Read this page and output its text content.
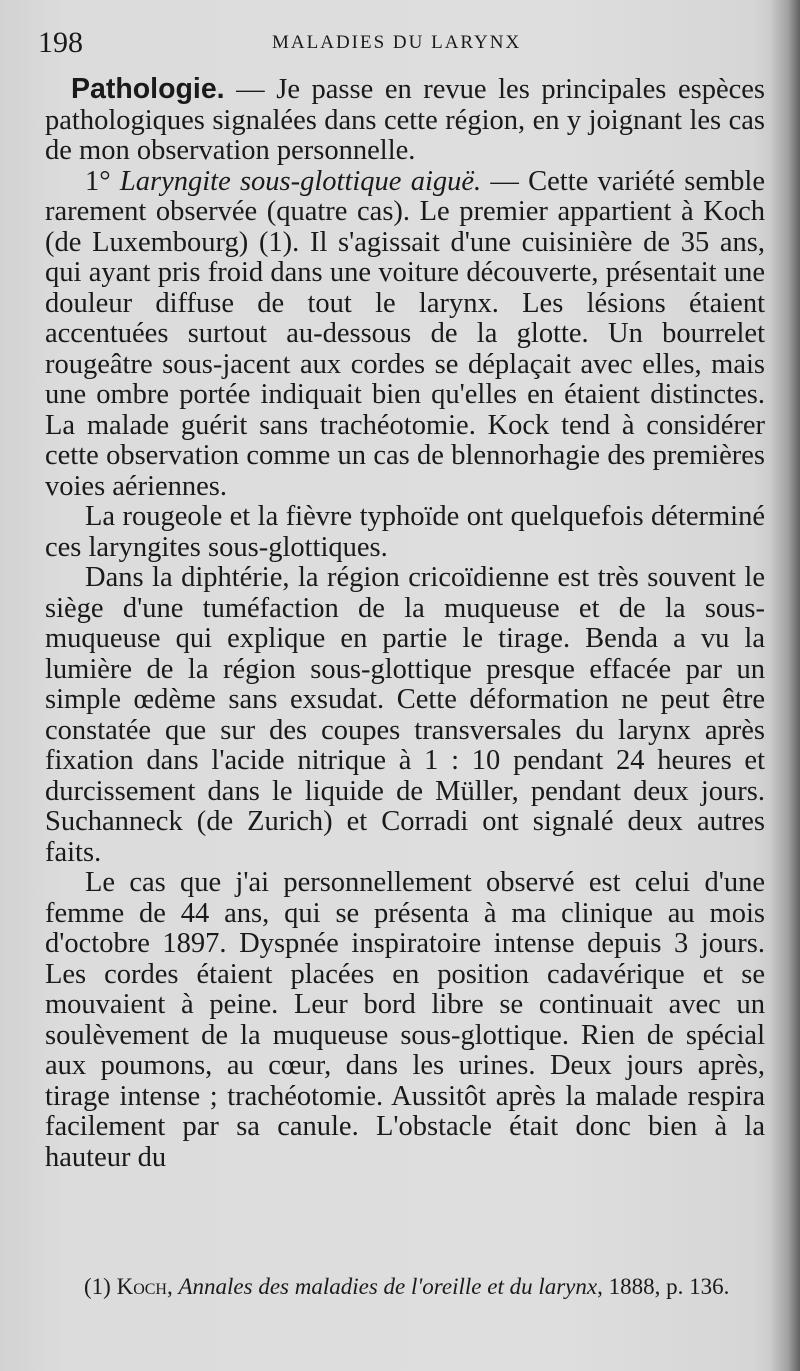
198	MALADIES DU LARYNX

Pathologie. — Je passe en revue les principales espèces pathologiques signalées dans cette région, en y joignant les cas de mon observation personnelle.

1° Laryngite sous-glottique aiguë. — Cette variété semble rarement observée (quatre cas). Le premier appartient à Koch (de Luxembourg) (1). Il s'agissait d'une cuisinière de 35 ans, qui ayant pris froid dans une voiture découverte, présentait une douleur diffuse de tout le larynx. Les lésions étaient accentuées surtout au-dessous de la glotte. Un bourrelet rougeâtre sous-jacent aux cordes se déplaçait avec elles, mais une ombre portée indiquait bien qu'elles en étaient distinctes. La malade guérit sans trachéotomie. Kock tend à considérer cette observation comme un cas de blennorhagie des premières voies aériennes.

La rougeole et la fièvre typhoïde ont quelquefois déterminé ces laryngites sous-glottiques.

Dans la diphtérie, la région cricoïdienne est très souvent le siège d'une tuméfaction de la muqueuse et de la sous-muqueuse qui explique en partie le tirage. Benda a vu la lumière de la région sous-glottique presque effacée par un simple œdème sans exsudat. Cette déformation ne peut être constatée que sur des coupes transversales du larynx après fixation dans l'acide nitrique à 1 : 10 pendant 24 heures et durcissement dans le liquide de Müller, pendant deux jours. Suchanneck (de Zurich) et Corradi ont signalé deux autres faits.

Le cas que j'ai personnellement observé est celui d'une femme de 44 ans, qui se présenta à ma clinique au mois d'octobre 1897. Dyspnée inspiratoire intense depuis 3 jours. Les cordes étaient placées en position cadavérique et se mouvaient à peine. Leur bord libre se continuait avec un soulèvement de la muqueuse sous-glottique. Rien de spécial aux poumons, au cœur, dans les urines. Deux jours après, tirage intense ; trachéotomie. Aussitôt après la malade respira facilement par sa canule. L'obstacle était donc bien à la hauteur du

(1) Koch, Annales des maladies de l'oreille et du larynx, 1888, p. 136.
